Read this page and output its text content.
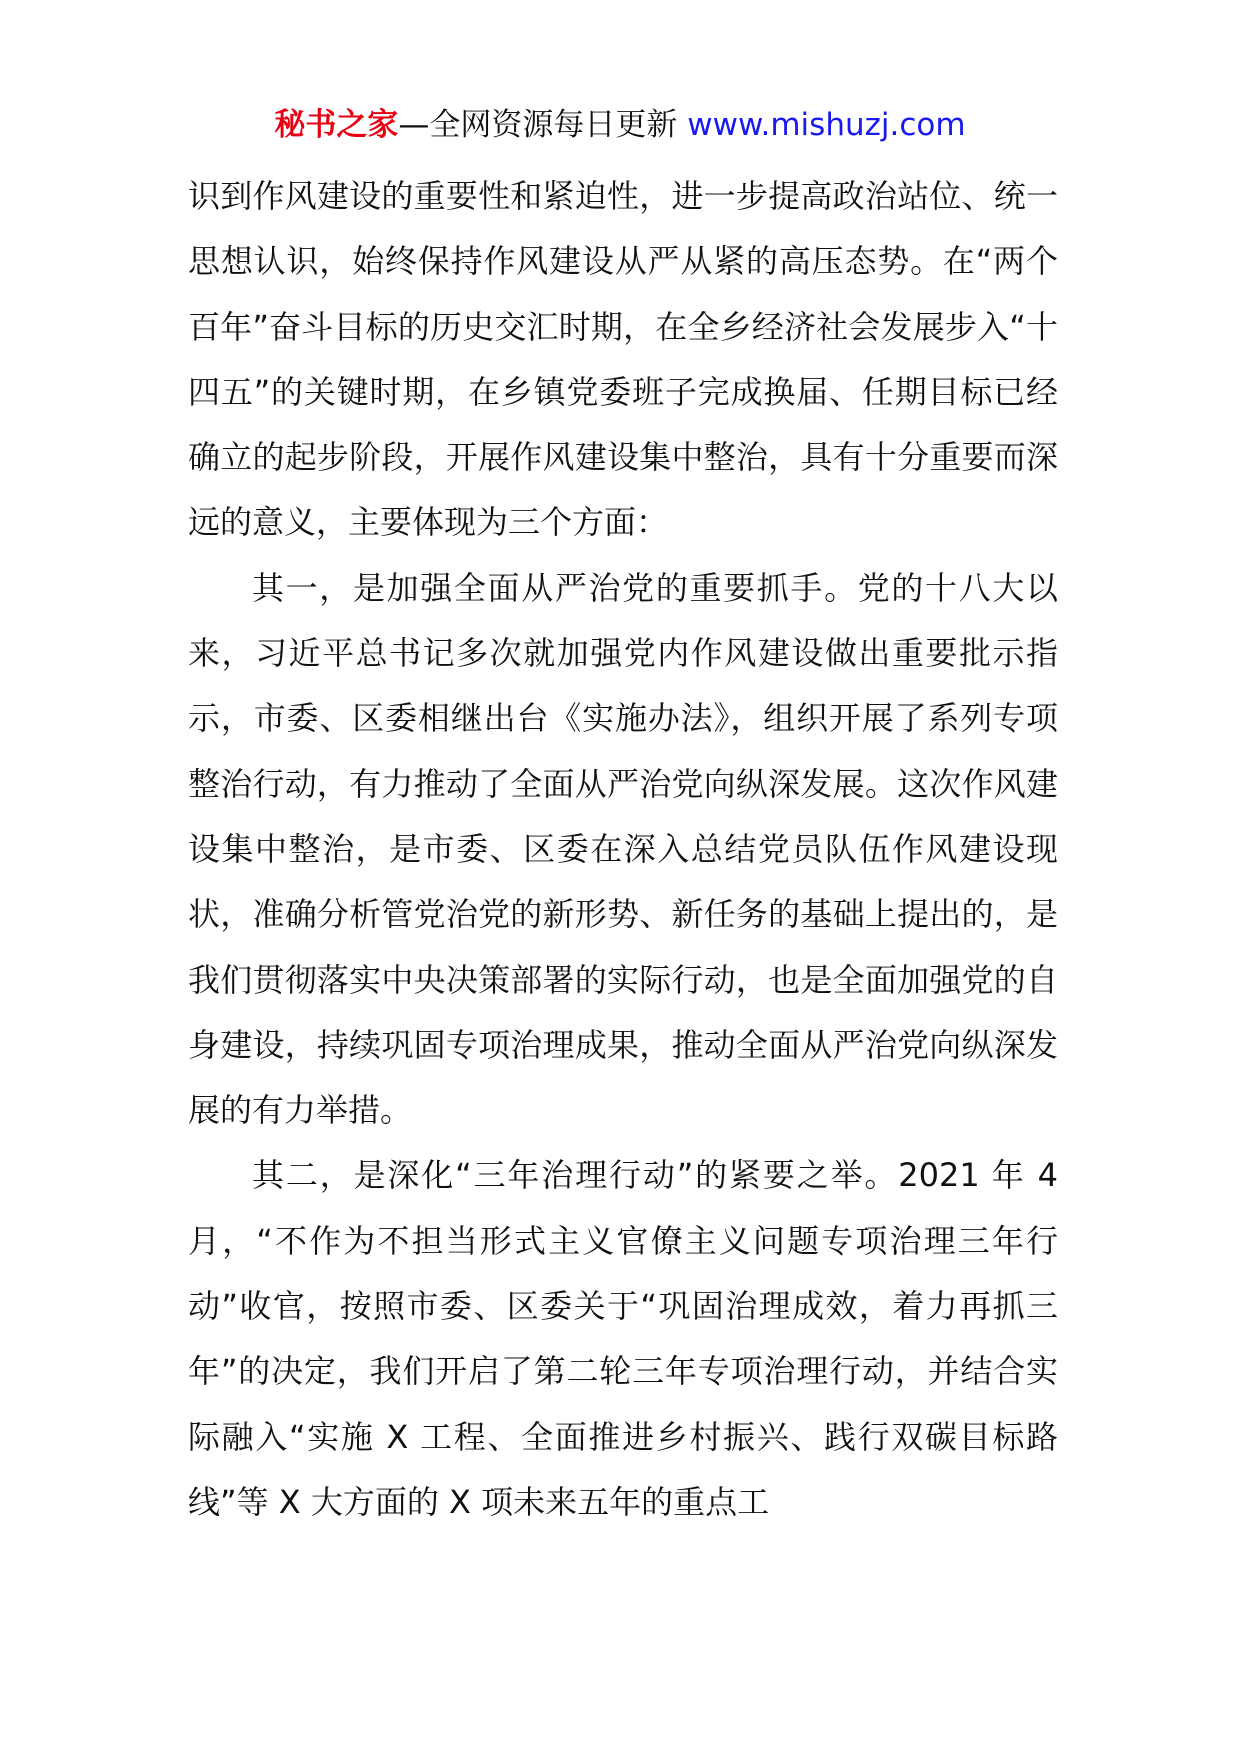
秘书之家—全网资源每日更新 www.mishuzj.com

识到作风建设的重要性和紧迫性，进一步提高政治站位、统一思想认识，始终保持作风建设从严从紧的高压态势。在“两个百年”奋斗目标的历史交汇时期，在全乡经济社会发展步入“十四五”的关键时期，在乡镇党委班子完成换届、任期目标已经确立的起步阶段，开展作风建设集中整治，具有十分重要而深远的意义，主要体现为三个方面：

其一，是加强全面从严治党的重要抓手。党的十八大以来，习近平总书记多次就加强党内作风建设做出重要批示指示，市委、区委相继出台《实施办法》，组织开展了系列专项整治行动，有力推动了全面从严治党向纵深发展。这次作风建设集中整治，是市委、区委在深入总结党员队伍作风建设现状，准确分析管党治党的新形势、新任务的基础上提出的，是我们贯彻落实中央决策部署的实际行动，也是全面加强党的自身建设，持续巩固专项治理成果，推动全面从严治党向纵深发展的有力举措。

其二，是深化“三年治理行动”的紧要之举。2021 年 4 月，“不作为不担当形式主义官僚主义问题专项治理三年行动”收官，按照市委、区委关于“巩固治理成效，着力再抓三年”的决定，我们开启了第二轮三年专项治理行动，并结合实际融入“实施 X 工程、全面推进乡村振兴、践行双碳目标路线”等 X 大方面的 X 项未来五年的重点工
